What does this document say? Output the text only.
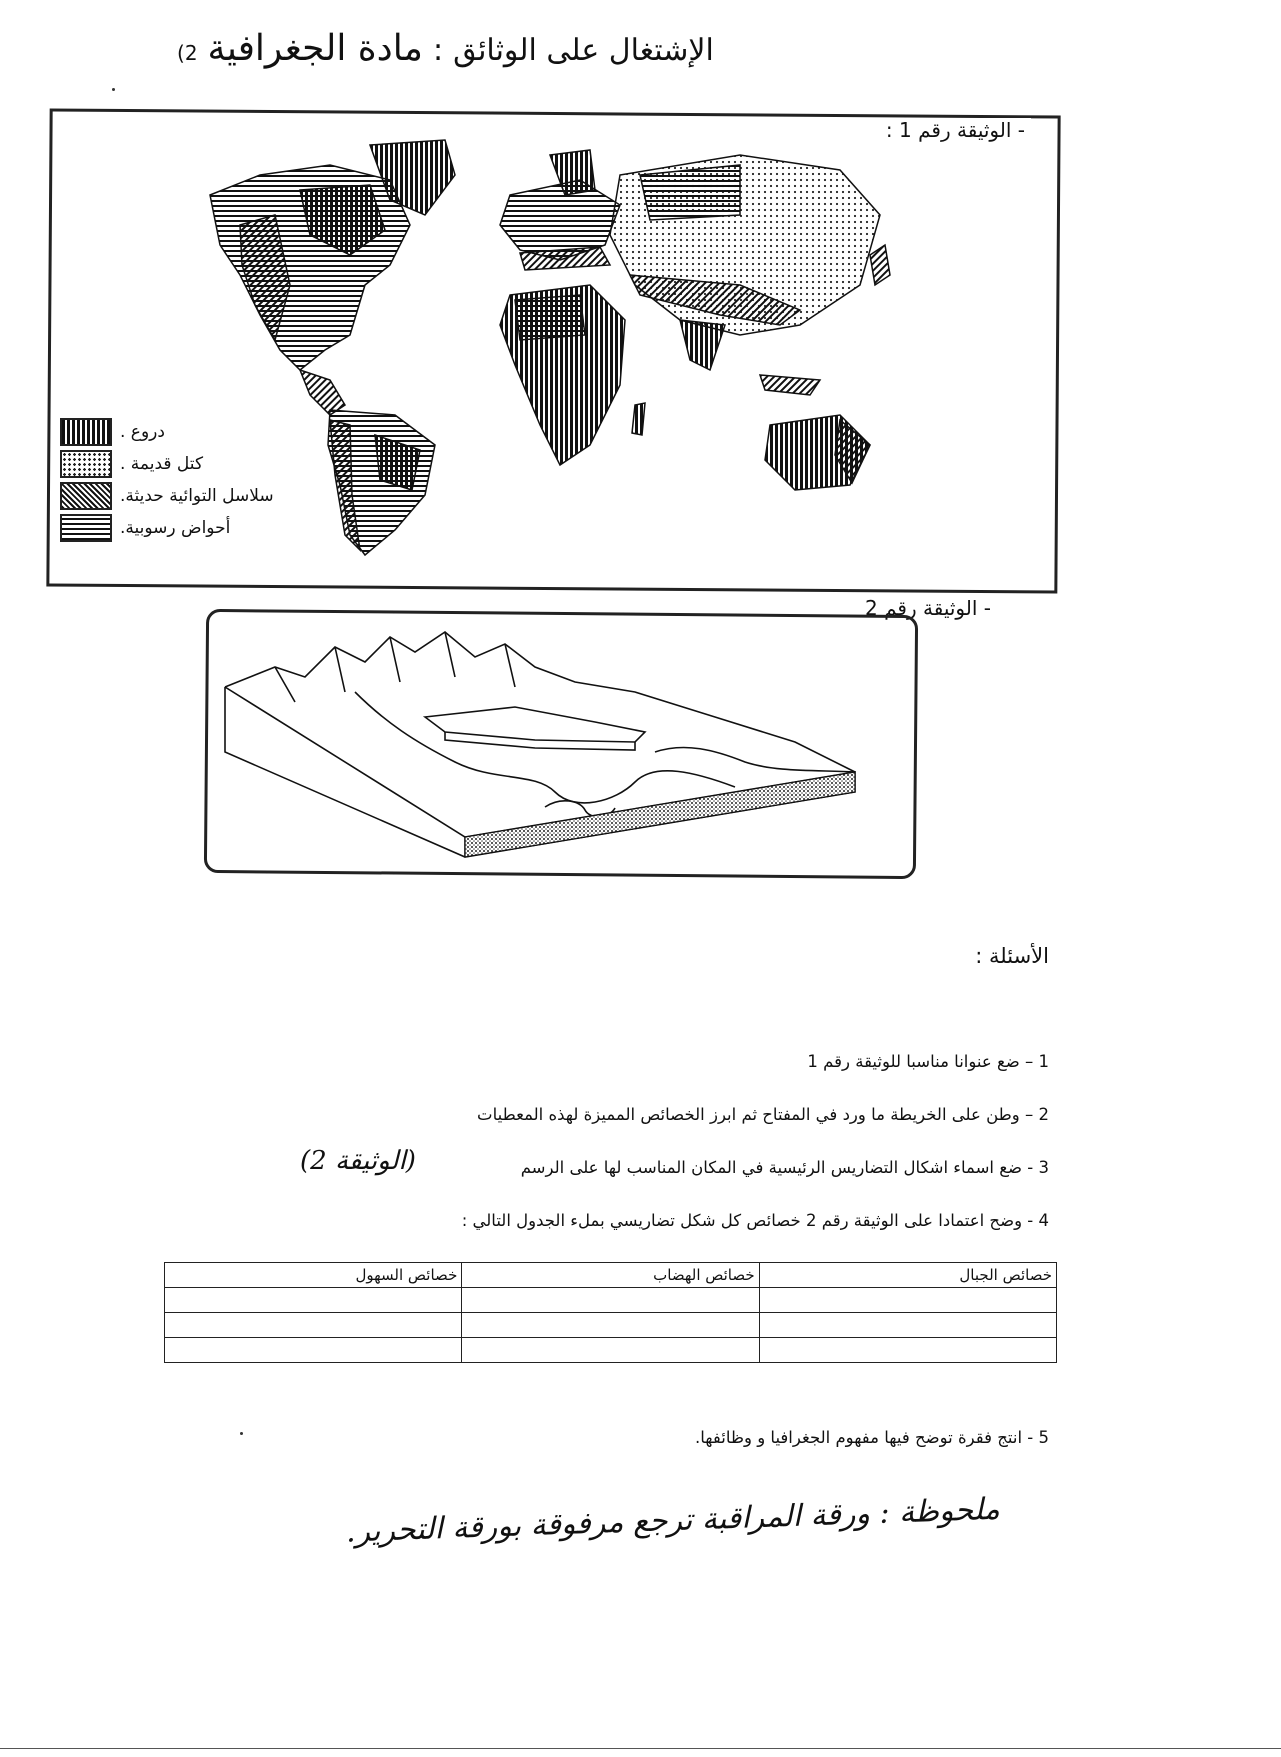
2) مادة الجغرافية : الإشتغال على الوثائق
- الوثيقة رقم 1 :
دروع .
كتل قديمة .
سلاسل التوائية حديثة.
أحواض رسوبية.
- الوثيقة رقم 2
الأسئلة :
1 – ضع عنوانا مناسبا للوثيقة رقم 1
2 – وطن على الخريطة ما ورد في المفتاح ثم ابرز الخصائص المميزة لهذه المعطيات
3 - ضع اسماء اشكال التضاريس الرئيسية في المكان المناسب لها على الرسم
(الوثيقة 2)
4 - وضح اعتمادا على الوثيقة رقم 2 خصائص كل شكل تضاريسي بملء الجدول التالي :
خصائص الجبال	خصائص الهضاب	خصائص السهول

5 - انتج فقرة توضح فيها مفهوم الجغرافيا و وظائفها.
ملحوظة : ورقة المراقبة ترجع مرفوقة بورقة التحرير.
